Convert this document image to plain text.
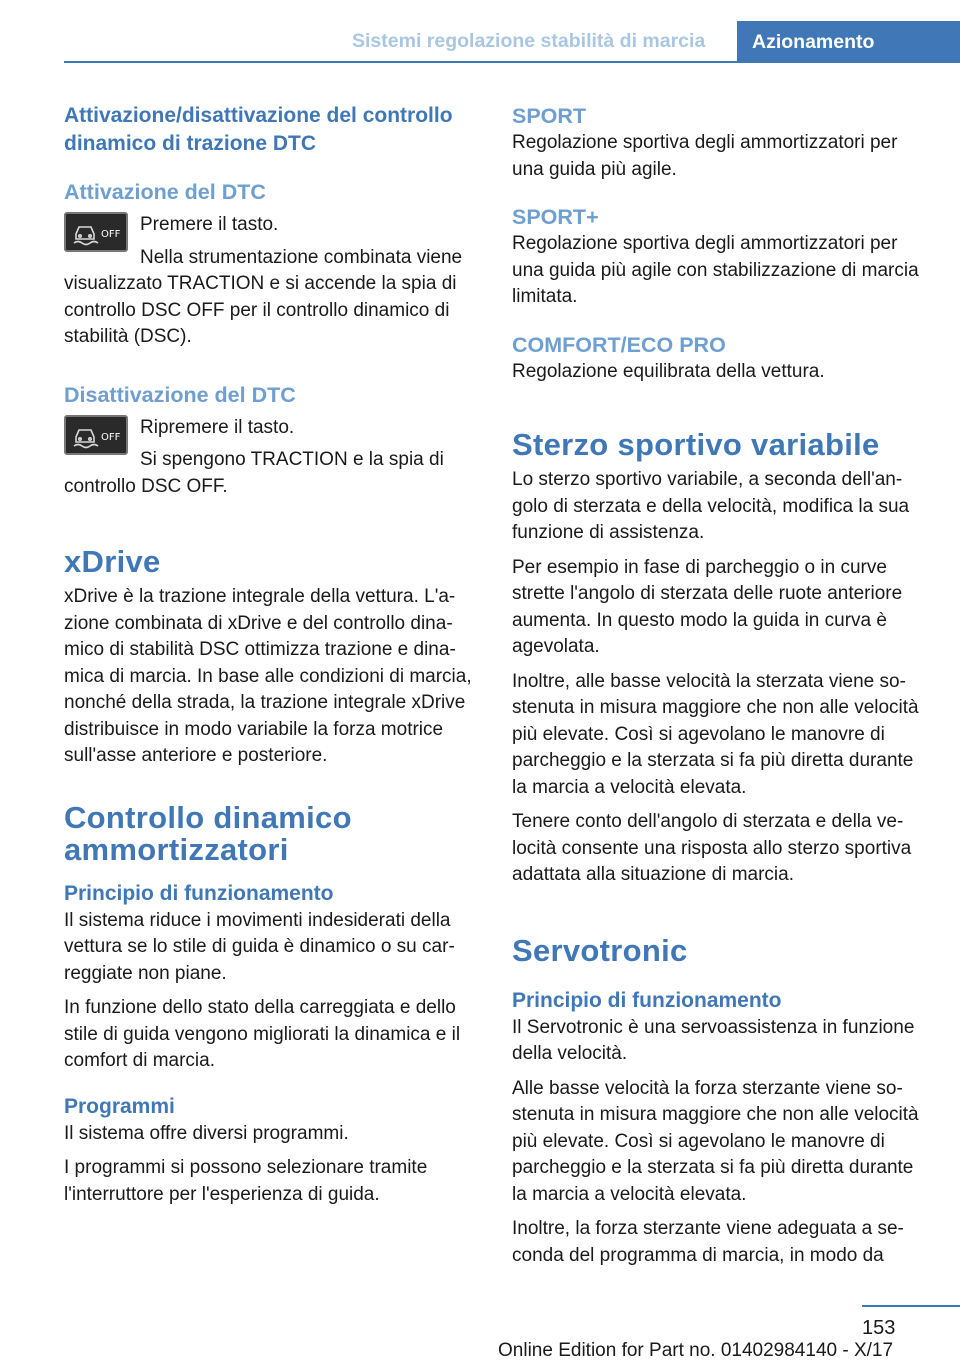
Sistemi regolazione stabilità di marcia	Azionamento
Attivazione/disattivazione del controllo dinamico di trazione DTC
Attivazione del DTC
OFF Premere il tasto.

Nella strumentazione combinata viene visualizzato TRACTION e si accende la spia di controllo DSC OFF per il controllo dinamico di stabilità (DSC).

Disattivazione del DTC
OFF Ripremere il tasto.

Si spengono TRACTION e la spia di controllo DSC OFF.

xDrive

xDrive è la trazione integrale della vettura. L'azione combinata di xDrive e del controllo dinamico di stabilità DSC ottimizza trazione e dinamica di marcia. In base alle condizioni di marcia, nonché della strada, la trazione integrale xDrive distribuisce in modo variabile la forza motrice sull'asse anteriore e posteriore.

Controllo dinamico ammortizzatori
Principio di funzionamento

Il sistema riduce i movimenti indesiderati della vettura se lo stile di guida è dinamico o su carreggiate non piane.

In funzione dello stato della carreggiata e dello stile di guida vengono migliorati la dinamica e il comfort di marcia.

Programmi

Il sistema offre diversi programmi.

I programmi si possono selezionare tramite l'interruttore per l'esperienza di guida.

SPORT

Regolazione sportiva degli ammortizzatori per una guida più agile.

SPORT+

Regolazione sportiva degli ammortizzatori per una guida più agile con stabilizzazione di marcia limitata.

COMFORT/ECO PRO

Regolazione equilibrata della vettura.

Sterzo sportivo variabile

Lo sterzo sportivo variabile, a seconda dell'angolo di sterzata e della velocità, modifica la sua funzione di assistenza.

Per esempio in fase di parcheggio o in curve strette l'angolo di sterzata delle ruote anteriore aumenta. In questo modo la guida in curva è agevolata.

Inoltre, alle basse velocità la sterzata viene sostenuta in misura maggiore che non alle velocità più elevate. Così si agevolano le manovre di parcheggio e la sterzata si fa più diretta durante la marcia a velocità elevata.

Tenere conto dell'angolo di sterzata e della velocità consente una risposta allo sterzo sportiva adattata alla situazione di marcia.

Servotronic
Principio di funzionamento

Il Servotronic è una servoassistenza in funzione della velocità.

Alle basse velocità la forza sterzante viene sostenuta in misura maggiore che non alle velocità più elevate. Così si agevolano le manovre di parcheggio e la sterzata si fa più diretta durante la marcia a velocità elevata.

Inoltre, la forza sterzante viene adeguata a seconda del programma di marcia, in modo da

153
Online Edition for Part no. 01402984140 - X/17
